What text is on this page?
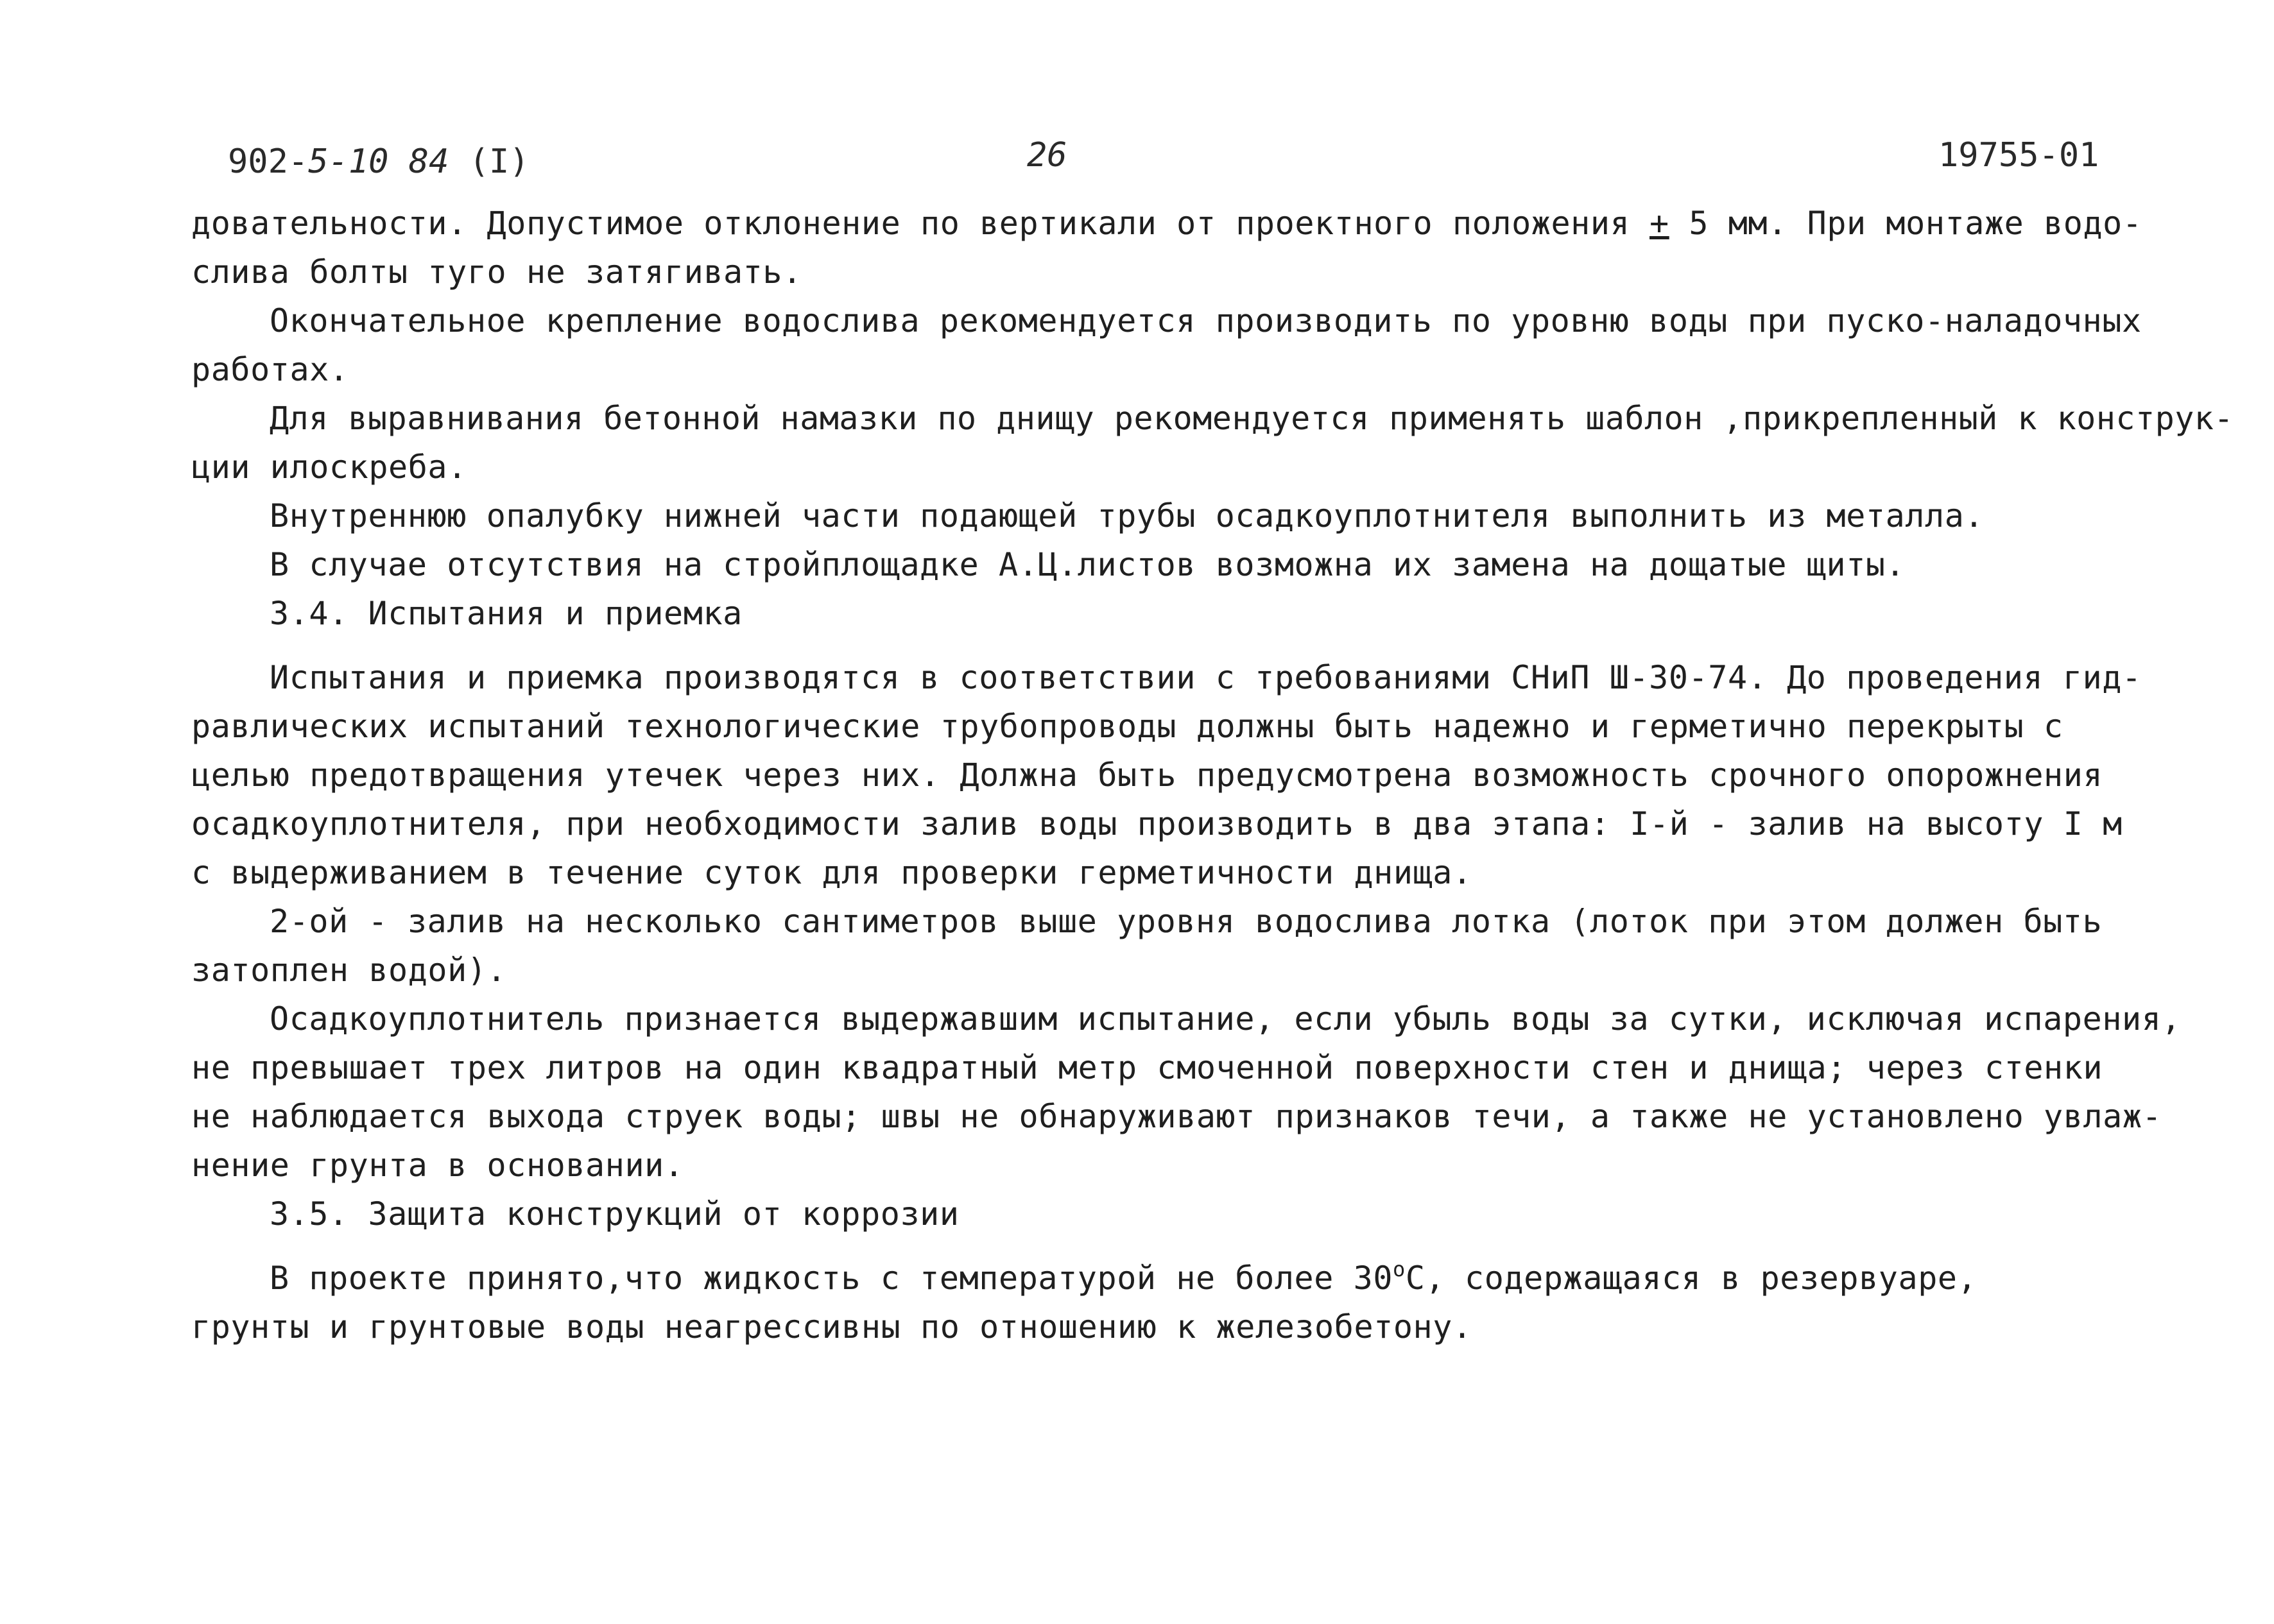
902-5-10 84 (I)	26	19755-01
довательности. Допустимое отклонение по вертикали от проектного положения + 5 мм. При монтаже водо-
слива болты туго не затягивать.
Окончательное крепление водослива рекомендуется производить по уровню воды при пуско-наладочных
работах.
Для выравнивания бетонной намазки по днищу рекомендуется применять шаблон ,прикрепленный к конструк-
ции илоскреба.
Внутреннюю опалубку нижней части подающей трубы осадкоуплотнителя выполнить из металла.
В случае отсутствия на стройплощадке А.Ц.листов возможна их замена на дощатые щиты.
3.4. Испытания и приемка
Испытания и приемка производятся в соответствии с требованиями СНиП Ш-30-74. До проведения гид-
равлических испытаний технологические трубопроводы должны быть надежно и герметично перекрыты с
целью предотвращения утечек через них. Должна быть предусмотрена возможность срочного опорожнения
осадкоуплотнителя, при необходимости залив воды производить в два этапа: I-й - залив на высоту I м
с выдерживанием в течение суток для проверки герметичности днища.
2-ой - залив на несколько сантиметров выше уровня водослива лотка (лоток при этом должен быть
затоплен водой).
Осадкоуплотнитель признается выдержавшим испытание, если убыль воды за сутки, исключая испарения,
не превышает трех литров на один квадратный метр смоченной поверхности стен и днища; через стенки
не наблюдается выхода струек воды; швы не обнаруживают признаков течи, а также не установлено увлаж-
нение грунта в основании.
3.5. Защита конструкций от коррозии
В проекте принято,что жидкость с температурой не более 30$^o$С, содержащаяся в резервуаре,
грунты и грунтовые воды неагрессивны по отношению к железобетону.
